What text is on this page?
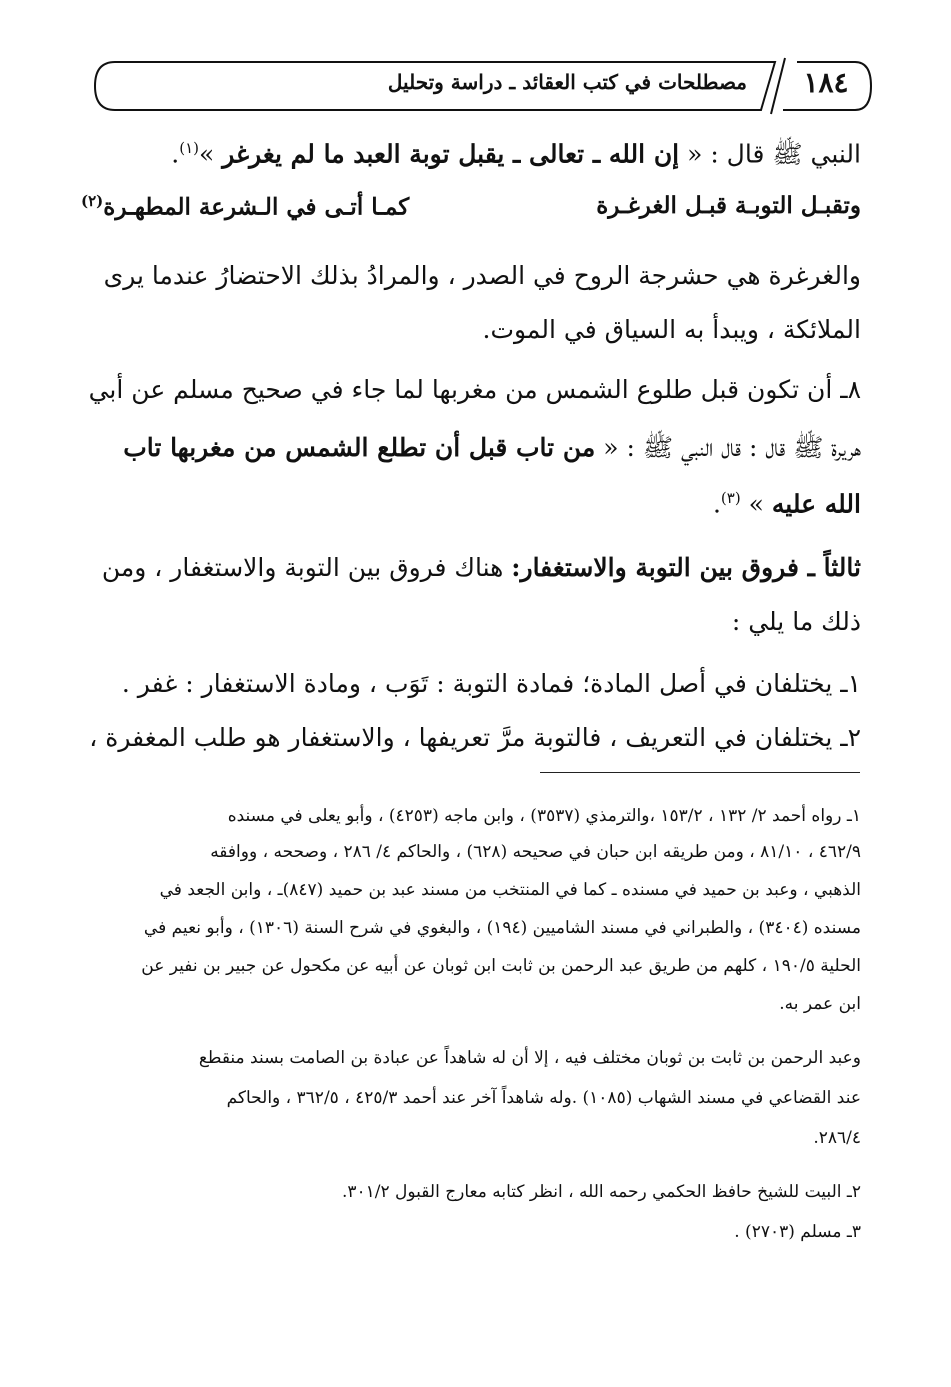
١٨٤
مصطلحات في كتب العقائد ـ دراسة وتحليل
النبي ﷺ قال : « إن الله ـ تعالى ـ يقبل توبة العبد ما لم يغرغر »$^{(١)}$.
وتقبـل التوبـة قبـل الغرغـرة
كمـا أتـى في الـشرعة المطهـرة$^{(٢)}$
والغرغرة هي حشرجة الروح في الصدر ، والمرادُ بذلك الاحتضارُ عندما يرى
الملائكة ، ويبدأ به السياق في الموت.
٨ـ أن تكون قبل طلوع الشمس من مغربها لما جاء في صحيح مسلم عن أبي
هريرة ﷺ قال : قال النبي ﷺ : « من تاب قبل أن تطلع الشمس من مغربها تاب
الله عليه » $^{(٣)}$.
ثالثاً ـ فروق بين التوبة والاستغفار: هناك فروق بين التوبة والاستغفار ، ومن
ذلك ما يلي :
١ـ يختلفان في أصل المادة؛ فمادة التوبة : تَوَب ، ومادة الاستغفار : غفر .
٢ـ يختلفان في التعريف ، فالتوبة مرَّ تعريفها ، والاستغفار هو طلب المغفرة ،
١ـ رواه أحمد ٢/ ١٣٢ ، ١٥٣/٢ ،والترمذي (٣٥٣٧) ، وابن ماجه (٤٢٥٣) ، وأبو يعلى في مسنده
٤٦٢/٩ ، ٨١/١٠ ، ومن طريقه ابن حبان في صحيحه (٦٢٨) ، والحاكم ٤/ ٢٨٦ ، وصححه ، ووافقه
الذهبي ، وعبد بن حميد في مسنده ـ كما في المنتخب من مسند عبد بن حميد (٨٤٧)ـ ، وابن الجعد في
مسنده (٣٤٠٤) ، والطبراني في مسند الشاميين (١٩٤) ، والبغوي في شرح السنة (١٣٠٦) ، وأبو نعيم في
الحلية ١٩٠/٥ ، كلهم من طريق عبد الرحمن بن ثابت ابن ثوبان عن أبيه عن مكحول عن جبير بن نفير عن
ابن عمر به.
وعبد الرحمن بن ثابت بن ثوبان مختلف فيه ، إلا أن له شاهداً عن عبادة بن الصامت بسند منقطع
عند القضاعي في مسند الشهاب (١٠٨٥) .وله شاهداً آخر عند أحمد ٤٢٥/٣ ، ٣٦٢/٥ ، والحاكم
٢٨٦/٤.
٢ـ البيت للشيخ حافظ الحكمي رحمه الله ، انظر كتابه معارج القبول ٣٠١/٢.
٣ـ مسلم (٢٧٠٣) .
